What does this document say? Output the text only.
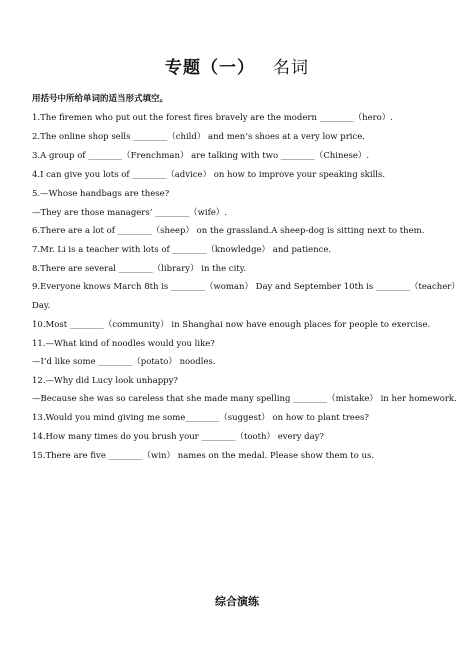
专题（一） 名词
用括号中所给单词的适当形式填空。
1.The firemen who put out the forest fires bravely are the modern ________（hero）.
2.The online shop sells ________（child） and men’s shoes at a very low price.
3.A group of ________（Frenchman） are talking with two ________（Chinese）.
4.I can give you lots of ________（advice） on how to improve your speaking skills.
5.—Whose handbags are these?
—They are those managers’ ________（wife）.
6.There are a lot of ________（sheep） on the grassland.A sheep-dog is sitting next to them.
7.Mr. Li is a teacher with lots of ________（knowledge） and patience.
8.There are several ________（library） in the city.
9.Everyone knows March 8th is ________（woman） Day and September 10th is ________（teacher）
Day.
10.Most ________（community） in Shanghai now have enough places for people to exercise.
11.—What kind of noodles would you like?
—I’d like some ________（potato） noodles.
12.—Why did Lucy look unhappy?
—Because she was so careless that she made many spelling ________（mistake） in her homework.
13.Would you mind giving me some________（suggest） on how to plant trees?
14.How many times do you brush your ________（tooth） every day?
15.There are five ________（win） names on the medal. Please show them to us.
综合演练
